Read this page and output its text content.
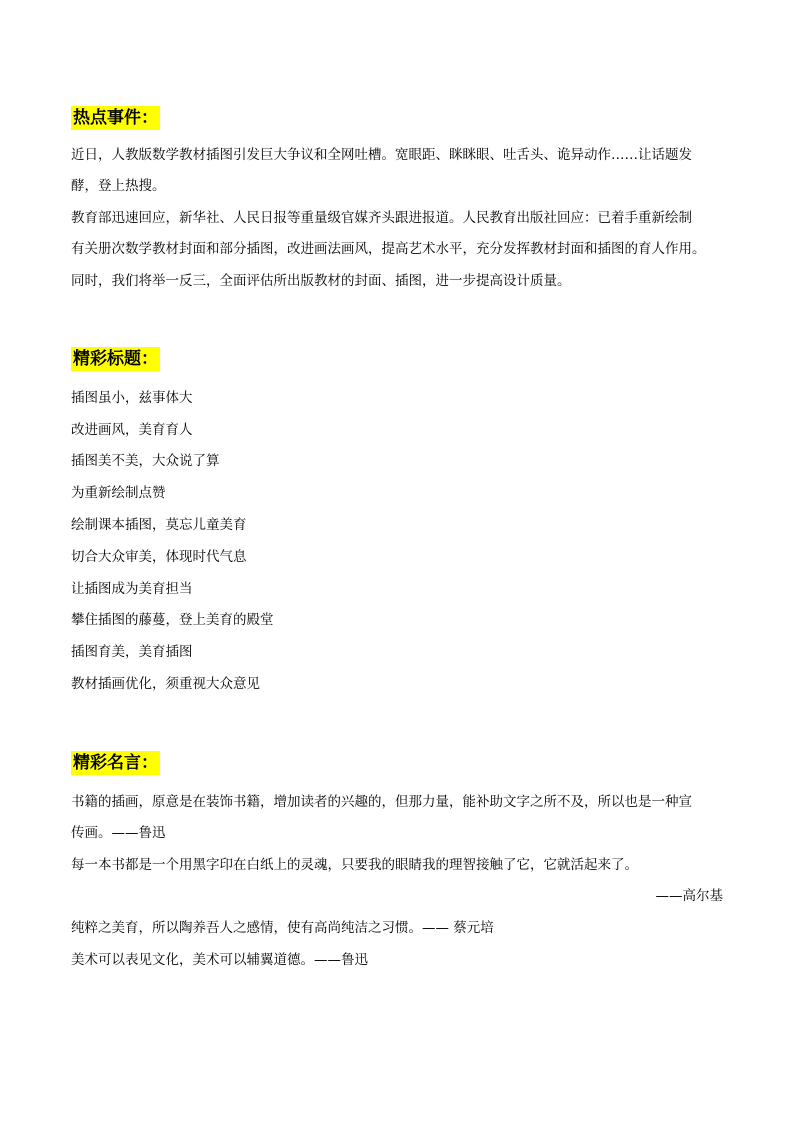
热点事件：
近日，人教版数学教材插图引发巨大争议和全网吐槽。宽眼距、眯眯眼、吐舌头、诡异动作……让话题发
酵，登上热搜。
教育部迅速回应，新华社、人民日报等重量级官媒齐头跟进报道。人民教育出版社回应：已着手重新绘制
有关册次数学教材封面和部分插图，改进画法画风，提高艺术水平，充分发挥教材封面和插图的育人作用。
同时，我们将举一反三，全面评估所出版教材的封面、插图，进一步提高设计质量。
精彩标题：
插图虽小，兹事体大
改进画风，美育育人
插图美不美，大众说了算
为重新绘制点赞
绘制课本插图，莫忘儿童美育
切合大众审美，体现时代气息
让插图成为美育担当
攀住插图的藤蔓，登上美育的殿堂
插图育美，美育插图
教材插画优化，须重视大众意见
精彩名言：
书籍的插画，原意是在装饰书籍，增加读者的兴趣的，但那力量，能补助文字之所不及，所以也是一种宣
传画。——鲁迅
每一本书都是一个用黑字印在白纸上的灵魂，只要我的眼睛我的理智接触了它，它就活起来了。
——高尔基
纯粹之美育，所以陶养吾人之感情，使有高尚纯洁之习惯。—— 蔡元培
美术可以表见文化，美术可以辅翼道德。——鲁迅
